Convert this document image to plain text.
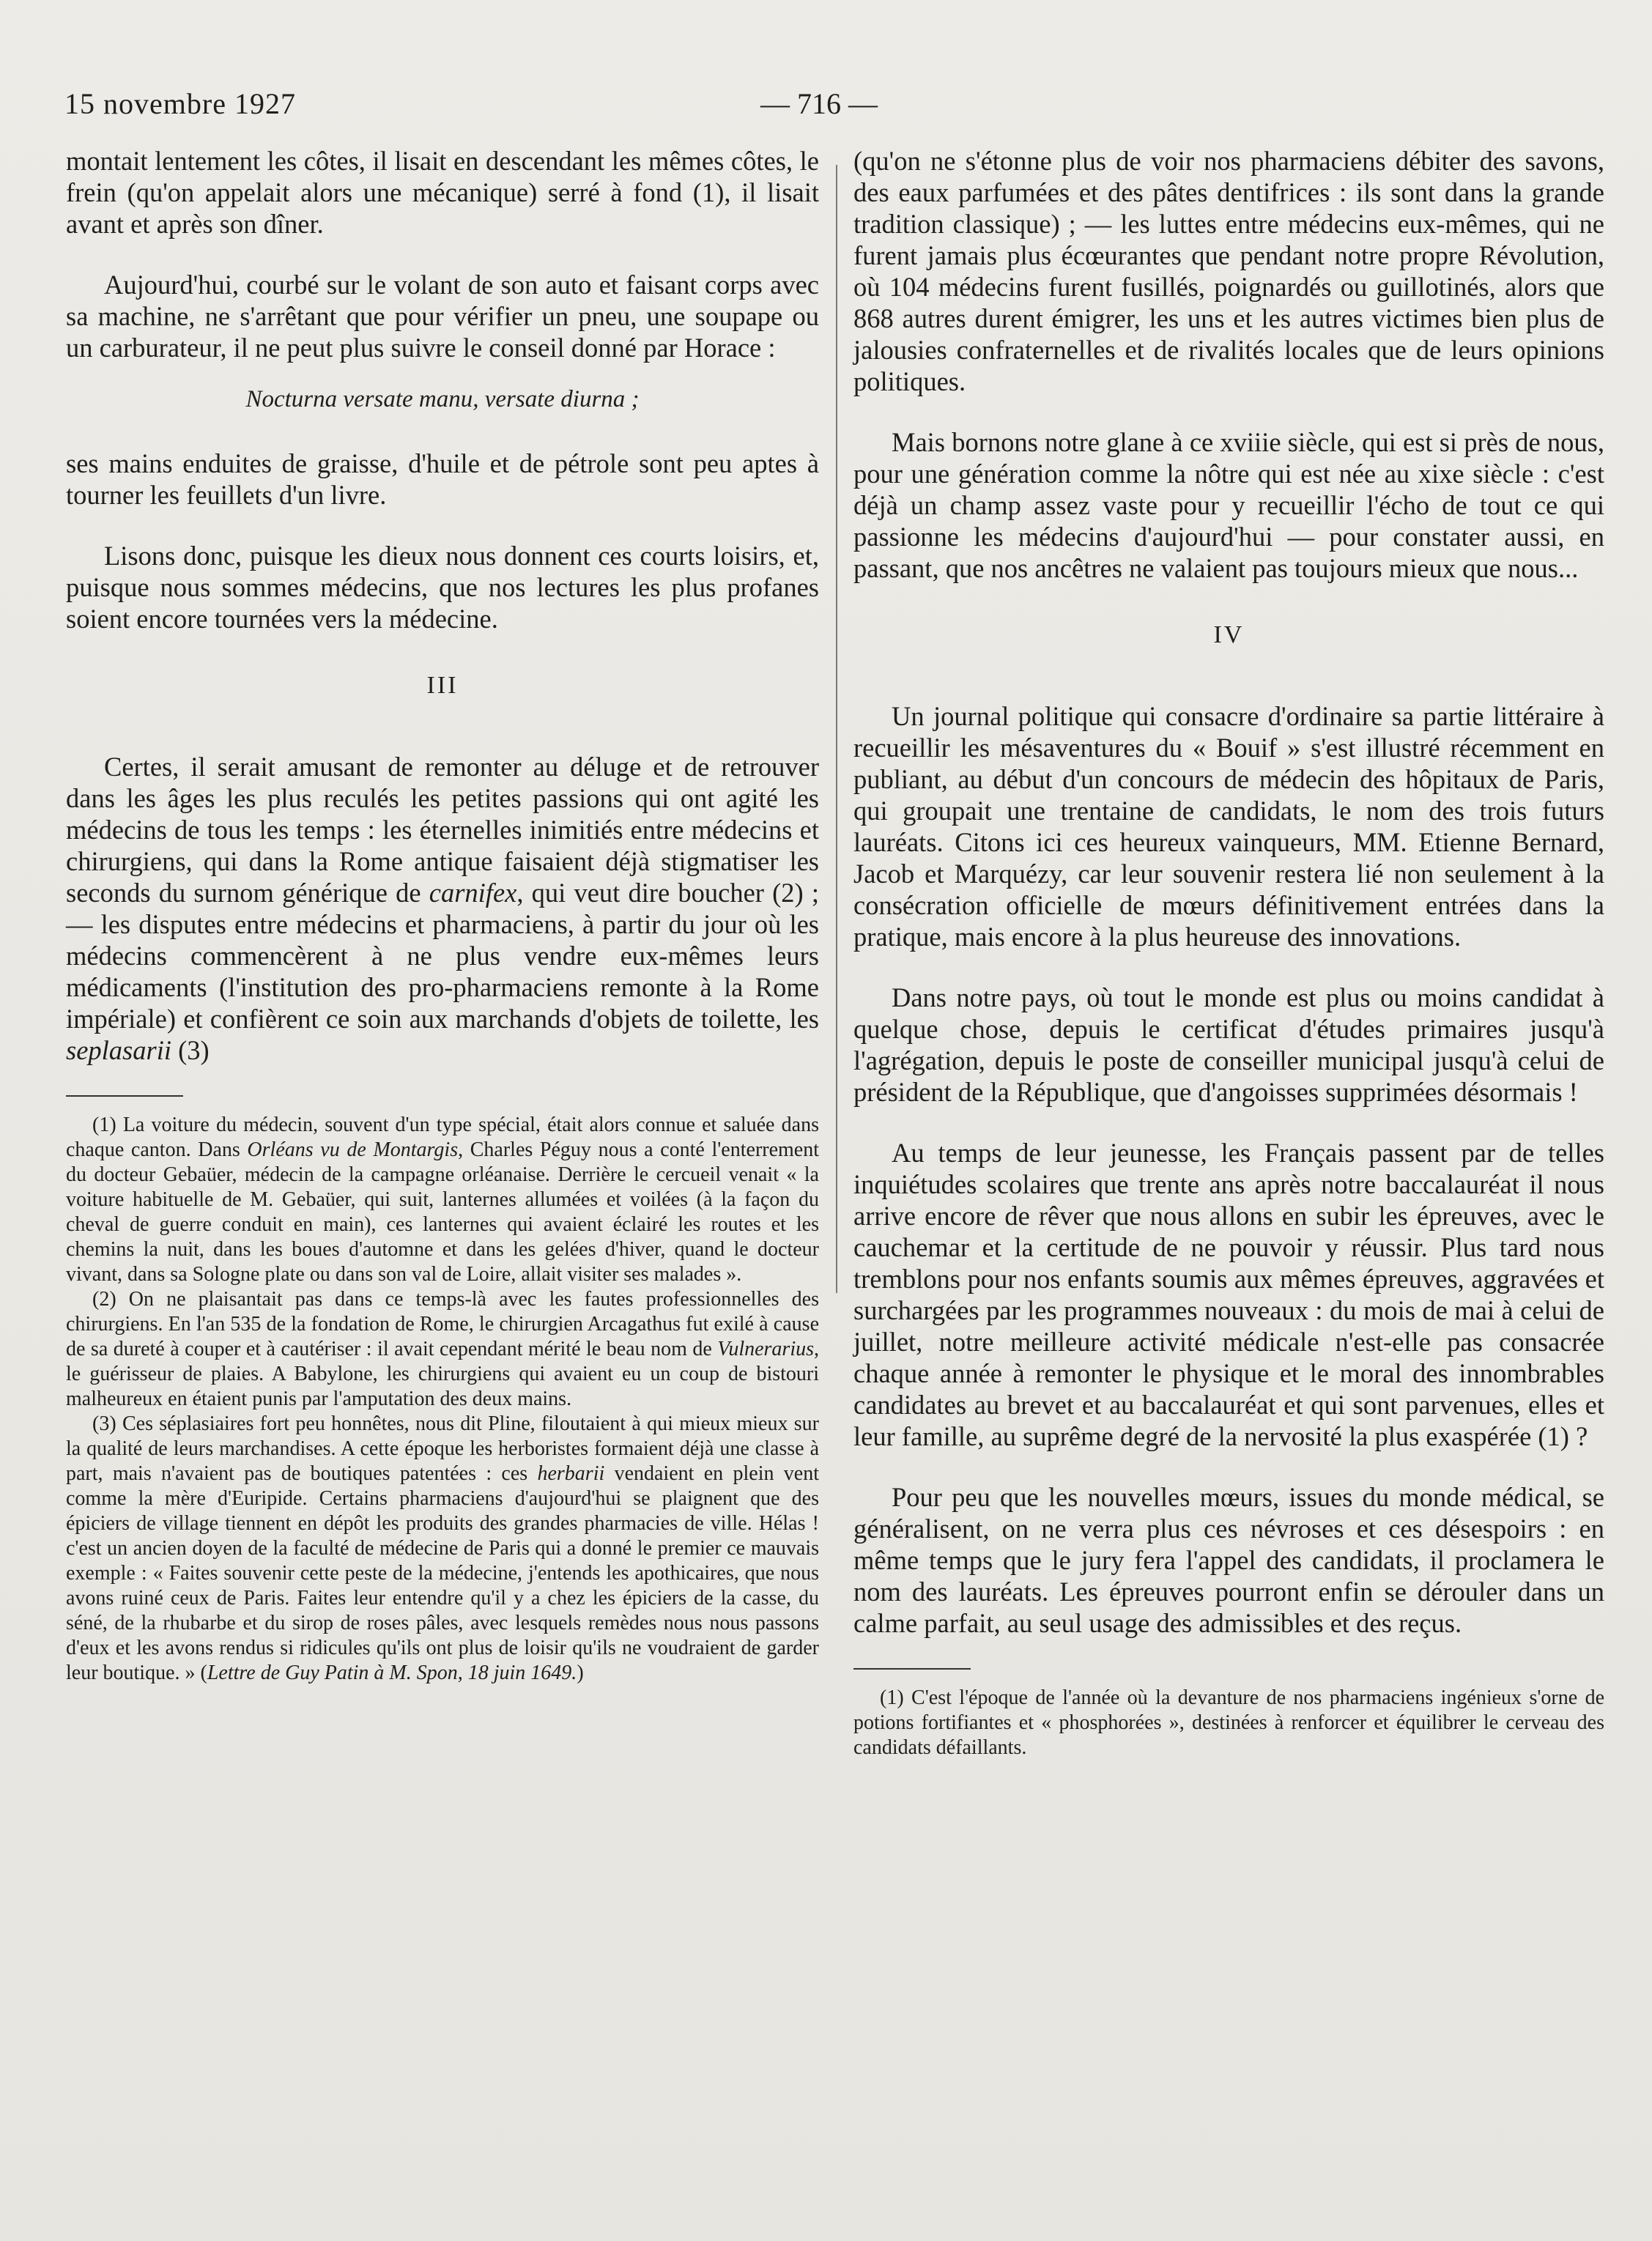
15 novembre 1927	— 716 —

montait lentement les côtes, il lisait en descendant les mêmes côtes, le frein (qu'on appelait alors une mécanique) serré à fond (1), il lisait avant et après son dîner.

Aujourd'hui, courbé sur le volant de son auto et faisant corps avec sa machine, ne s'arrêtant que pour vérifier un pneu, une soupape ou un carburateur, il ne peut plus suivre le conseil donné par Horace :

Nocturna versate manu, versate diurna ;

ses mains enduites de graisse, d'huile et de pétrole sont peu aptes à tourner les feuillets d'un livre.

Lisons donc, puisque les dieux nous donnent ces courts loisirs, et, puisque nous sommes médecins, que nos lectures les plus profanes soient encore tournées vers la médecine.

III

Certes, il serait amusant de remonter au déluge et de retrouver dans les âges les plus reculés les petites passions qui ont agité les médecins de tous les temps : les éternelles inimitiés entre médecins et chirurgiens, qui dans la Rome antique faisaient déjà stigmatiser les seconds du surnom générique de carnifex, qui veut dire boucher (2) ; — les disputes entre médecins et pharmaciens, à partir du jour où les médecins commencèrent à ne plus vendre eux-mêmes leurs médicaments (l'institution des pro-pharmaciens remonte à la Rome impériale) et confièrent ce soin aux marchands d'objets de toilette, les seplasarii (3)

(1) La voiture du médecin, souvent d'un type spécial, était alors connue et saluée dans chaque canton. Dans Orléans vu de Montargis, Charles Péguy nous a conté l'enterrement du docteur Gebaüer, médecin de la campagne orléanaise. Derrière le cercueil venait « la voiture habituelle de M. Gebaüer, qui suit, lanternes allumées et voilées (à la façon du cheval de guerre conduit en main), ces lanternes qui avaient éclairé les routes et les chemins la nuit, dans les boues d'automne et dans les gelées d'hiver, quand le docteur vivant, dans sa Sologne plate ou dans son val de Loire, allait visiter ses malades ».

(2) On ne plaisantait pas dans ce temps-là avec les fautes professionnelles des chirurgiens. En l'an 535 de la fondation de Rome, le chirurgien Arcagathus fut exilé à cause de sa dureté à couper et à cautériser : il avait cependant mérité le beau nom de Vulnerarius, le guérisseur de plaies. A Babylone, les chirurgiens qui avaient eu un coup de bistouri malheureux en étaient punis par l'amputation des deux mains.

(3) Ces séplasiaires fort peu honnêtes, nous dit Pline, filoutaient à qui mieux mieux sur la qualité de leurs marchandises. A cette époque les herboristes formaient déjà une classe à part, mais n'avaient pas de boutiques patentées : ces herbarii vendaient en plein vent comme la mère d'Euripide. Certains pharmaciens d'aujourd'hui se plaignent que des épiciers de village tiennent en dépôt les produits des grandes pharmacies de ville. Hélas ! c'est un ancien doyen de la faculté de médecine de Paris qui a donné le premier ce mauvais exemple : « Faites souvenir cette peste de la médecine, j'entends les apothicaires, que nous avons ruiné ceux de Paris. Faites leur entendre qu'il y a chez les épiciers de la casse, du séné, de la rhubarbe et du sirop de roses pâles, avec lesquels remèdes nous nous passons d'eux et les avons rendus si ridicules qu'ils ont plus de loisir qu'ils ne voudraient de garder leur boutique. » (Lettre de Guy Patin à M. Spon, 18 juin 1649.)

(qu'on ne s'étonne plus de voir nos pharmaciens débiter des savons, des eaux parfumées et des pâtes dentifrices : ils sont dans la grande tradition classique) ; — les luttes entre médecins eux-mêmes, qui ne furent jamais plus écœurantes que pendant notre propre Révolution, où 104 médecins furent fusillés, poignardés ou guillotinés, alors que 868 autres durent émigrer, les uns et les autres victimes bien plus de jalousies confraternelles et de rivalités locales que de leurs opinions politiques.

Mais bornons notre glane à ce xviiie siècle, qui est si près de nous, pour une génération comme la nôtre qui est née au xixe siècle : c'est déjà un champ assez vaste pour y recueillir l'écho de tout ce qui passionne les médecins d'aujourd'hui — pour constater aussi, en passant, que nos ancêtres ne valaient pas toujours mieux que nous...

IV

Un journal politique qui consacre d'ordinaire sa partie littéraire à recueillir les mésaventures du « Bouif » s'est illustré récemment en publiant, au début d'un concours de médecin des hôpitaux de Paris, qui groupait une trentaine de candidats, le nom des trois futurs lauréats. Citons ici ces heureux vainqueurs, MM. Etienne Bernard, Jacob et Marquézy, car leur souvenir restera lié non seulement à la consécration officielle de mœurs définitivement entrées dans la pratique, mais encore à la plus heureuse des innovations.

Dans notre pays, où tout le monde est plus ou moins candidat à quelque chose, depuis le certificat d'études primaires jusqu'à l'agrégation, depuis le poste de conseiller municipal jusqu'à celui de président de la République, que d'angoisses supprimées désormais !

Au temps de leur jeunesse, les Français passent par de telles inquiétudes scolaires que trente ans après notre baccalauréat il nous arrive encore de rêver que nous allons en subir les épreuves, avec le cauchemar et la certitude de ne pouvoir y réussir. Plus tard nous tremblons pour nos enfants soumis aux mêmes épreuves, aggravées et surchargées par les programmes nouveaux : du mois de mai à celui de juillet, notre meilleure activité médicale n'est-elle pas consacrée chaque année à remonter le physique et le moral des innombrables candidates au brevet et au baccalauréat et qui sont parvenues, elles et leur famille, au suprême degré de la nervosité la plus exaspérée (1) ?

Pour peu que les nouvelles mœurs, issues du monde médical, se généralisent, on ne verra plus ces névroses et ces désespoirs : en même temps que le jury fera l'appel des candidats, il proclamera le nom des lauréats. Les épreuves pourront enfin se dérouler dans un calme parfait, au seul usage des admissibles et des reçus.

(1) C'est l'époque de l'année où la devanture de nos pharmaciens ingénieux s'orne de potions fortifiantes et « phosphorées », destinées à renforcer et équilibrer le cerveau des candidats défaillants.
